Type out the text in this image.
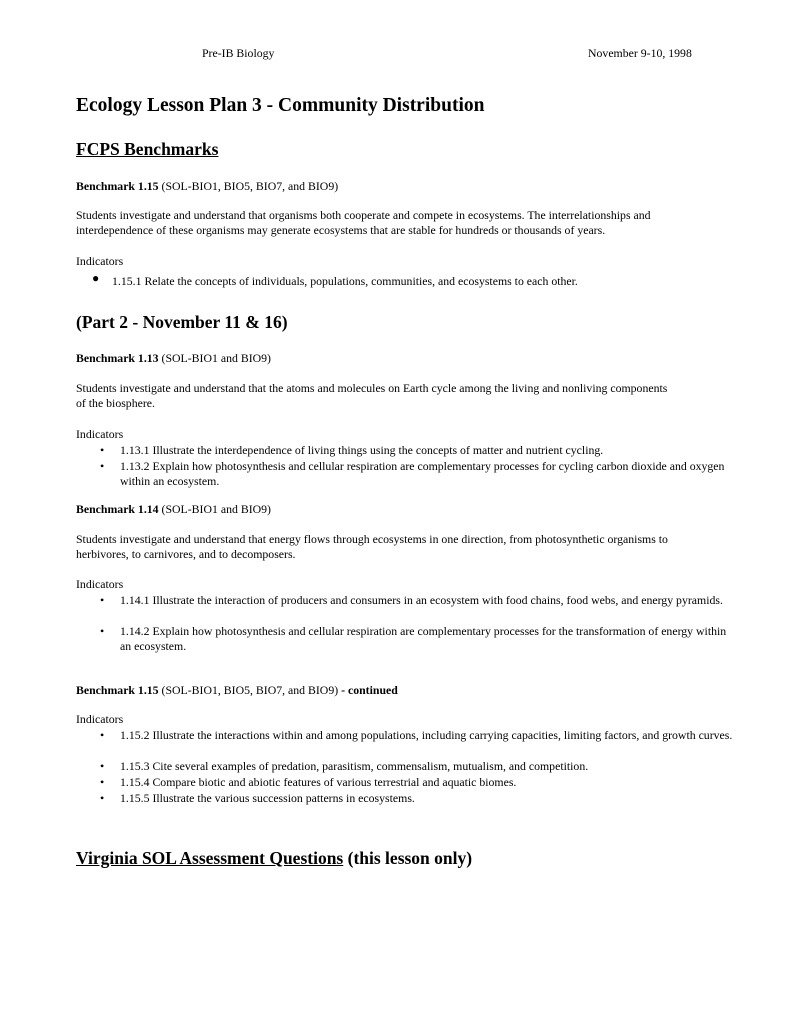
Pre-IB Biology	November 9-10, 1998
Ecology Lesson Plan 3 - Community Distribution
FCPS Benchmarks
Benchmark 1.15 (SOL-BIO1, BIO5, BIO7, and BIO9)
Students investigate and understand that organisms both cooperate and compete in ecosystems. The interrelationships and interdependence of these organisms may generate ecosystems that are stable for hundreds or thousands of years.
Indicators
● 1.15.1 Relate the concepts of individuals, populations, communities, and ecosystems to each other.
(Part 2 - November 11 & 16)
Benchmark 1.13 (SOL-BIO1 and BIO9)
Students investigate and understand that the atoms and molecules on Earth cycle among the living and nonliving components of the biosphere.
Indicators
• 1.13.1 Illustrate the interdependence of living things using the concepts of matter and nutrient cycling.
• 1.13.2 Explain how photosynthesis and cellular respiration are complementary processes for cycling carbon dioxide and oxygen within an ecosystem.
Benchmark 1.14 (SOL-BIO1 and BIO9)
Students investigate and understand that energy flows through ecosystems in one direction, from photosynthetic organisms to herbivores, to carnivores, and to decomposers.
Indicators
• 1.14.1 Illustrate the interaction of producers and consumers in an ecosystem with food chains, food webs, and energy pyramids.
• 1.14.2 Explain how photosynthesis and cellular respiration are complementary processes for the transformation of energy within an ecosystem.
Benchmark 1.15 (SOL-BIO1, BIO5, BIO7, and BIO9) - continued
Indicators
• 1.15.2 Illustrate the interactions within and among populations, including carrying capacities, limiting factors, and growth curves.
• 1.15.3 Cite several examples of predation, parasitism, commensalism, mutualism, and competition.
• 1.15.4 Compare biotic and abiotic features of various terrestrial and aquatic biomes.
• 1.15.5 Illustrate the various succession patterns in ecosystems.
Virginia SOL Assessment Questions (this lesson only)
